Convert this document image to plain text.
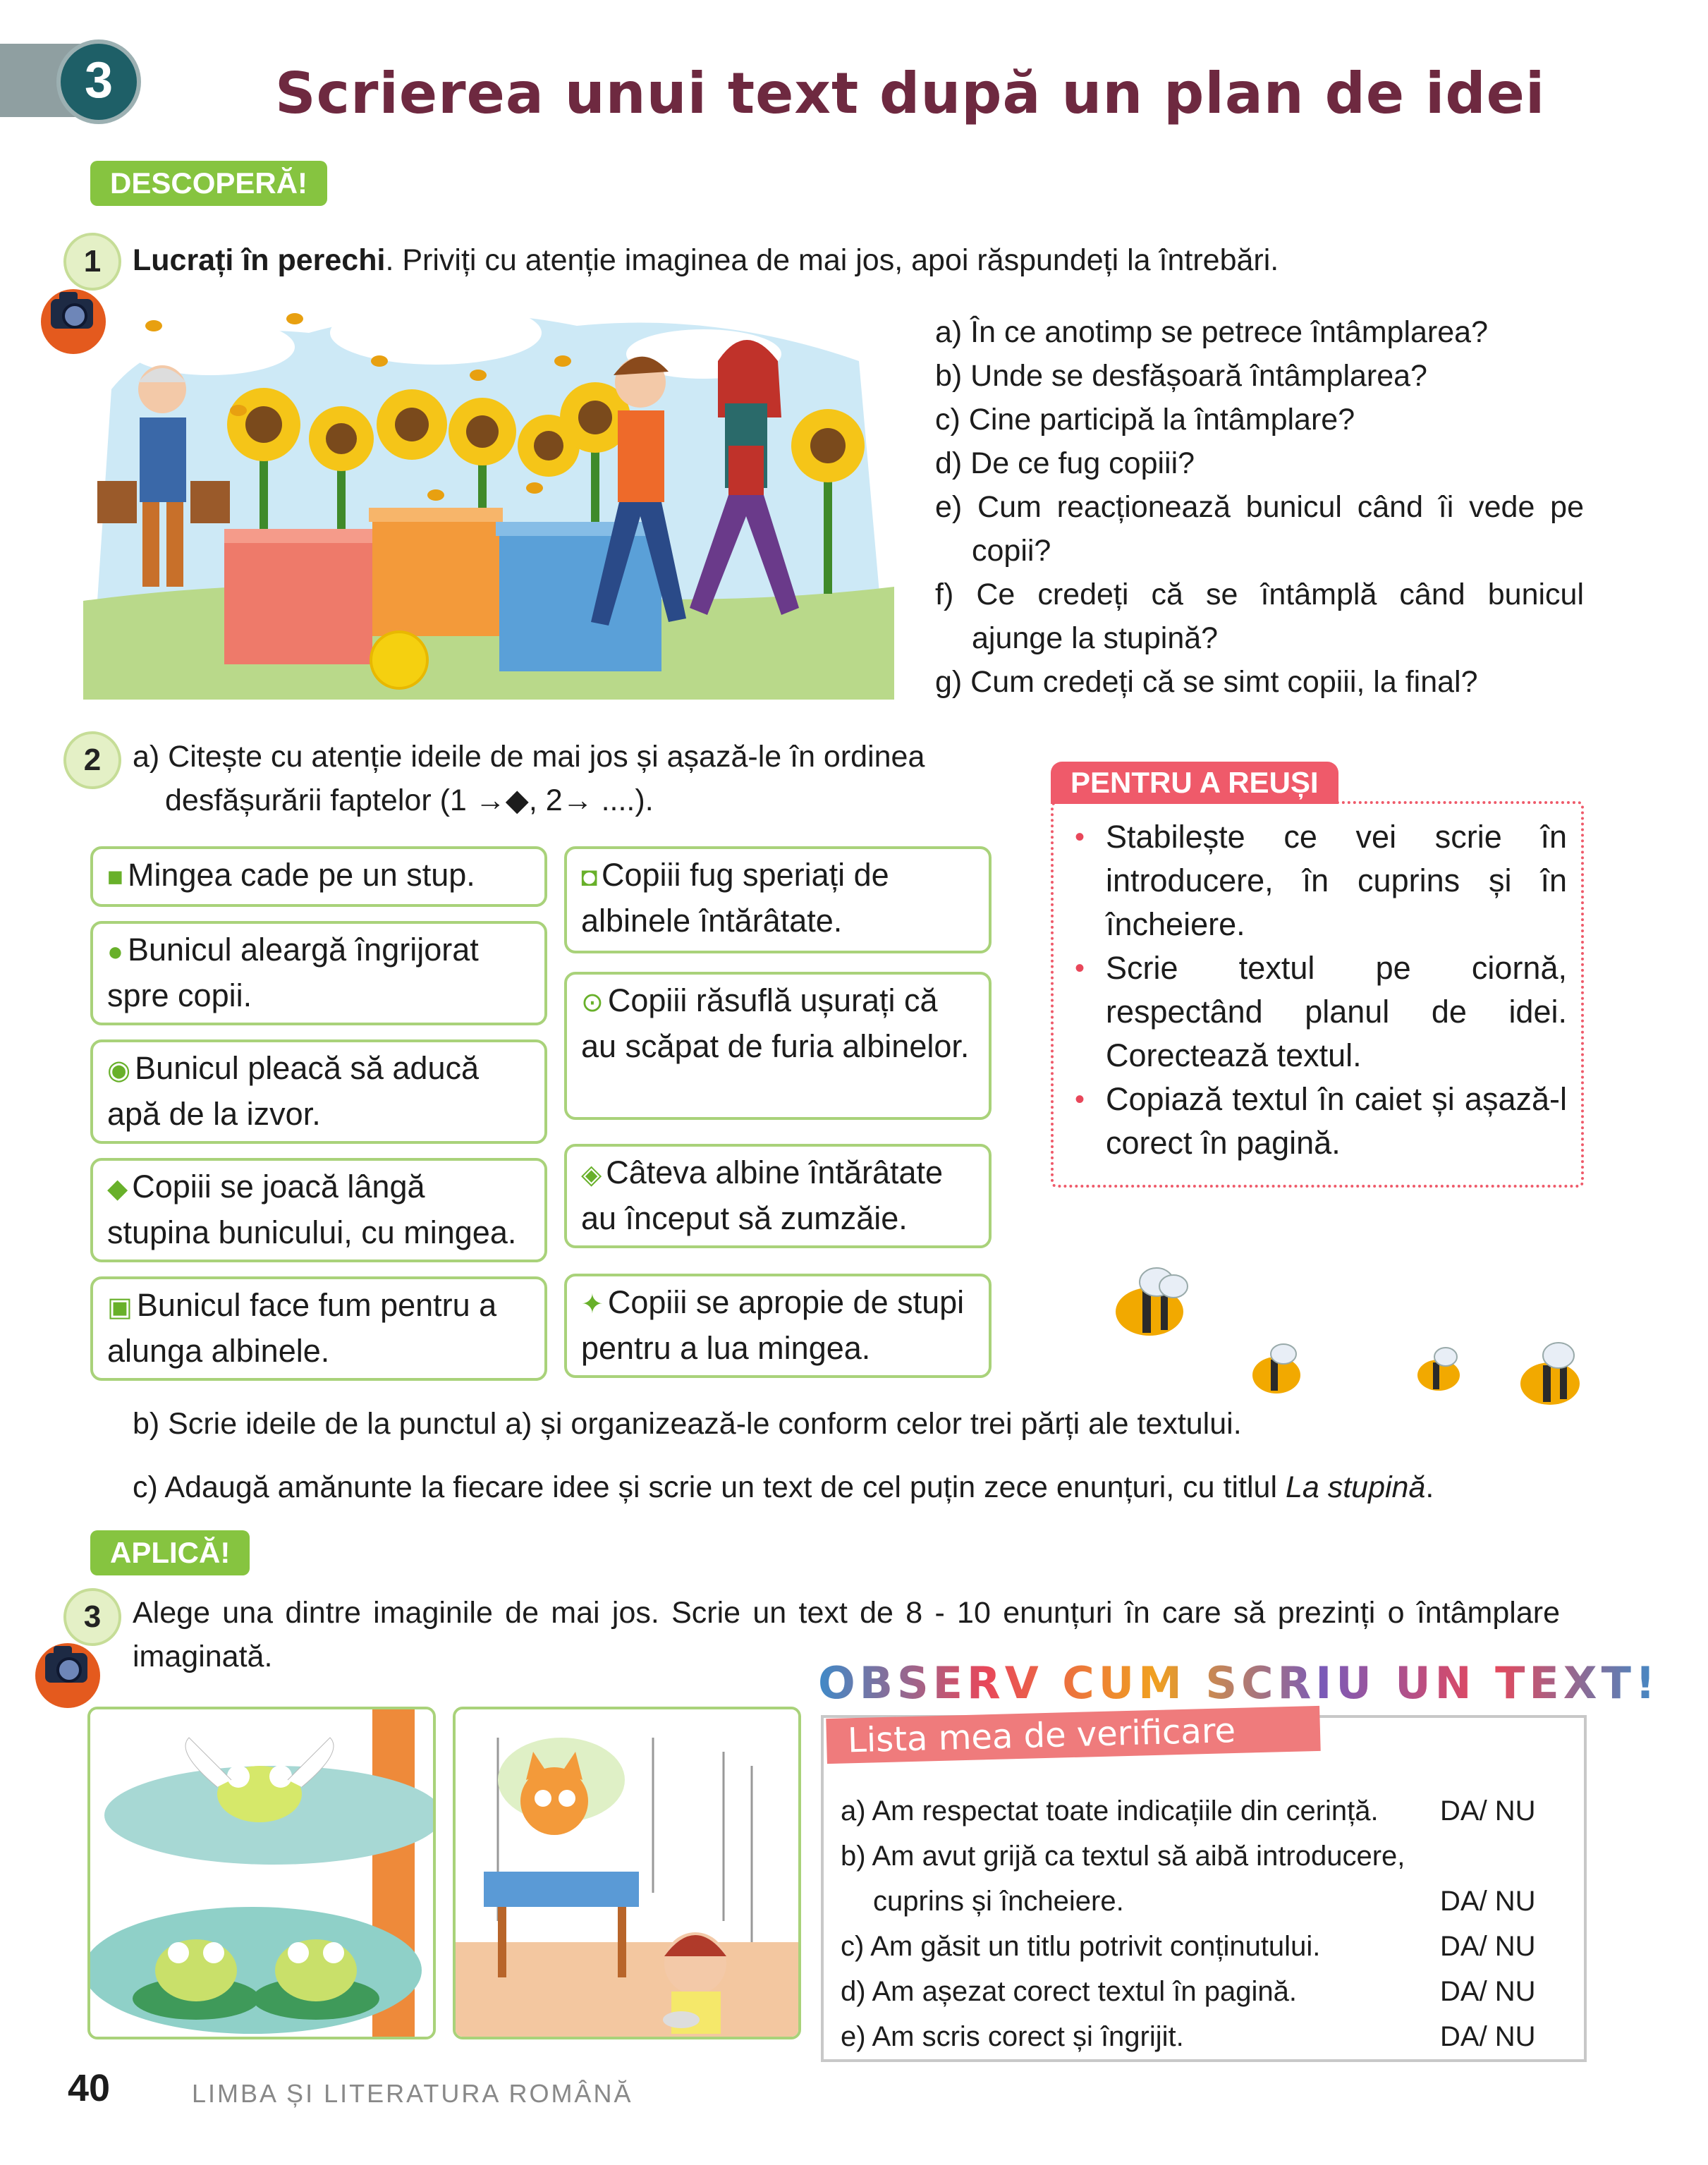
3	Scrierea unui text după un plan de idei
DESCOPERĂ!
1	Lucrați în perechi. Priviți cu atenție imaginea de mai jos, apoi răspundeți la întrebări.
a) În ce anotimp se petrece întâmplarea?
b) Unde se desfășoară întâmplarea?
c) Cine participă la întâmplare?
d) De ce fug copiii?
e) Cum reacționează bunicul când îi vede pe copii?
f) Ce credeți că se întâmplă când bunicul ajunge la stupină?
g) Cum credeți că se simt copiii, la final?
2	a) Citește cu atenție ideile de mai jos și așază-le în ordinea desfășurării faptelor (1 →◆, 2→ ....).
■ Mingea cade pe un stup.
● Bunicul aleargă îngrijorat spre copii.
◉ Bunicul pleacă să aducă apă de la izvor.
◆ Copiii se joacă lângă stupina bunicului, cu mingea.
▣ Bunicul face fum pentru a alunga albinele.
◘ Copiii fug speriați de albinele întărâtate.
⊙ Copiii răsuflă ușurați că au scăpat de furia albinelor.
◈ Câteva albine întărâtate au început să zumzăie.
✦ Copiii se apropie de stupi pentru a lua mingea.
PENTRU A REUȘI
• Stabilește ce vei scrie în introducere, în cuprins și în încheiere.
• Scrie textul pe ciornă, respectând planul de idei. Corectează textul.
• Copiază textul în caiet și așază-l corect în pagină.
b) Scrie ideile de la punctul a) și organizează-le conform celor trei părți ale textului.
c) Adaugă amănunte la fiecare idee și scrie un text de cel puțin zece enunțuri, cu titlul La stupină.
APLICĂ!
3	Alege una dintre imaginile de mai jos. Scrie un text de 8 - 10 enunțuri în care să prezinți o întâmplare imaginată.
OBSERV CUM SCRIU UN TEXT!
Lista mea de verificare
a) Am respectat toate indicațiile din cerință.	DA/ NU
b) Am avut grijă ca textul să aibă introducere, cuprins și încheiere.	DA/ NU
c) Am găsit un titlu potrivit conținutului.	DA/ NU
d) Am așezat corect textul în pagină.	DA/ NU
e) Am scris corect și îngrijit.	DA/ NU
40	LIMBA ȘI LITERATURA ROMÂNĂ
